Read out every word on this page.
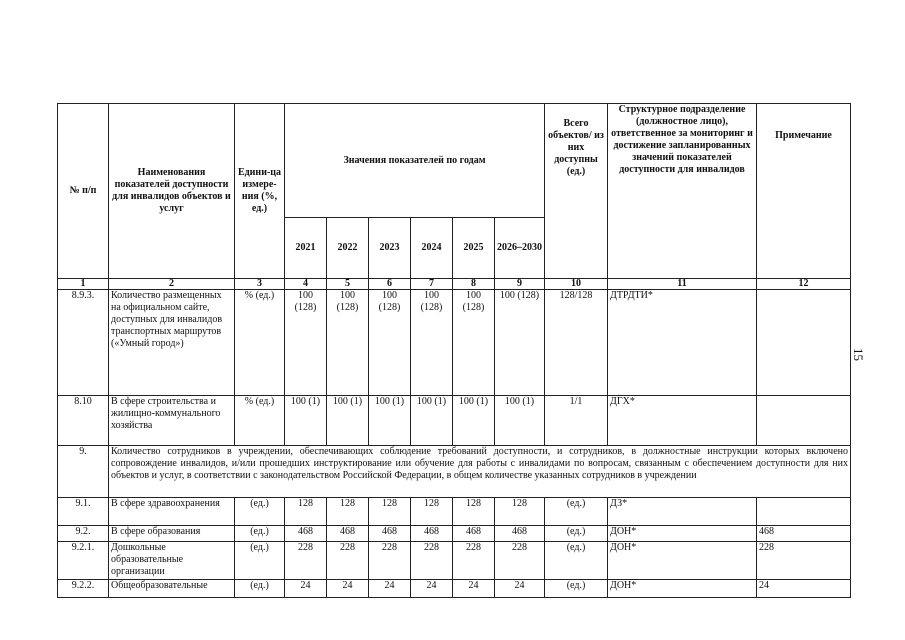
15
№ п/п	Наименования показателей доступности для инвалидов объектов и услуг	Едини-ца измере-ния (%, ед.)	Значения показателей по годам						Всего объектов/ из них доступны (ед.)	Структурное подразделение (должностное лицо), ответственное за мониторинг и достижение запланированных значений показателей доступности для инвалидов	Примечание
			2021	2022	2023	2024	2025	2026–2030			
1	2	3	4	5	6	7	8	9	10	11	12
8.9.3.	Количество размещенных на официальном сайте, доступных для инвалидов транспортных маршрутов («Умный город»)	% (ед.)	100 (128)	100 (128)	100 (128)	100 (128)	100 (128)	100 (128)	128/128	ДТРДТИ*	
8.10	В сфере строительства и жилищно-коммунального хозяйства	% (ед.)	100 (1)	100 (1)	100 (1)	100 (1)	100 (1)	100 (1)	1/1	ДГХ*	
9.	Количество сотрудников в учреждении, обеспечивающих соблюдение требований доступности, и сотрудников, в должностные инструкции которых включено сопровождение инвалидов, и/или прошедших инструктирование или обучение для работы с инвалидами по вопросам, связанным с обеспечением доступности для них объектов и услуг, в соответствии с законодательством Российской Федерации, в общем количестве указанных сотрудников в учреждении										
9.1.	В сфере здравоохранения	(ед.)	128	128	128	128	128	128	(ед.)	ДЗ*	
9.2.	В сфере образования	(ед.)	468	468	468	468	468	468	(ед.)	ДОН*	468
9.2.1.	Дошкольные образовательные организации	(ед.)	228	228	228	228	228	228	(ед.)	ДОН*	228
9.2.2.	Общеобразовательные	(ед.)	24	24	24	24	24	24	(ед.)	ДОН*	24
